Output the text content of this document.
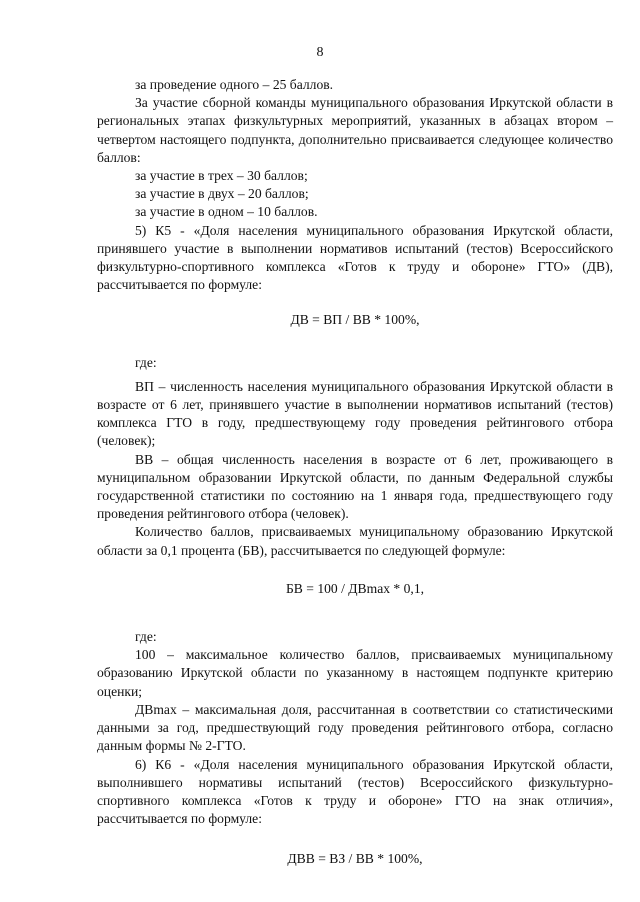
8

за проведение одного – 25 баллов.

За участие сборной команды муниципального образования Иркутской области в региональных этапах физкультурных мероприятий, указанных в абзацах втором – четвертом настоящего подпункта, дополнительно присваивается следующее количество баллов:

за участие в трех – 30 баллов;

за участие в двух – 20 баллов;

за участие в одном – 10 баллов.

5) К5 - «Доля населения муниципального образования Иркутской области, принявшего участие в выполнении нормативов испытаний (тестов) Всероссийского физкультурно-спортивного комплекса «Готов к труду и обороне» ГТО» (ДВ), рассчитывается по формуле:

ДВ = ВП / ВВ * 100%,

где:

ВП – численность населения муниципального образования Иркутской области в возрасте от 6 лет, принявшего участие в выполнении нормативов испытаний (тестов) комплекса ГТО в году, предшествующему году проведения рейтингового отбора (человек);

ВВ – общая численность населения в возрасте от 6 лет, проживающего в муниципальном образовании Иркутской области, по данным Федеральной службы государственной статистики по состоянию на 1 января года, предшествующего году проведения рейтингового отбора (человек).

Количество баллов, присваиваемых муниципальному образованию Иркутской области за 0,1 процента (БВ), рассчитывается по следующей формуле:

БВ = 100 / ДВmax * 0,1,

где:

100 – максимальное количество баллов, присваиваемых муниципальному образованию Иркутской области по указанному в настоящем подпункте критерию оценки;

ДВmax – максимальная доля, рассчитанная в соответствии со статистическими данными за год, предшествующий году проведения рейтингового отбора, согласно данным формы № 2-ГТО.

6) К6 - «Доля населения муниципального образования Иркутской области, выполнившего нормативы испытаний (тестов) Всероссийского физкультурно-спортивного комплекса «Готов к труду и обороне» ГТО на знак отличия», рассчитывается по формуле:

ДВВ = ВЗ / ВВ * 100%,
